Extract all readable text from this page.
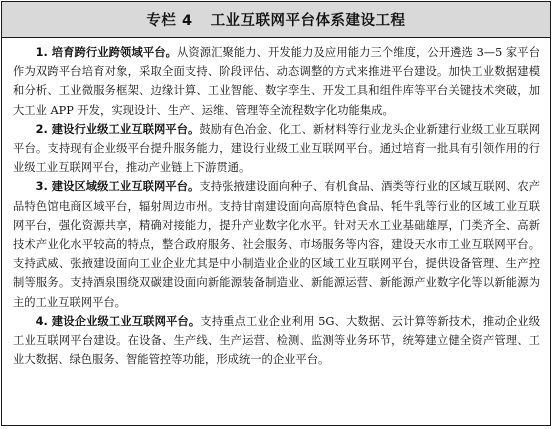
专栏 4 工业互联网平台体系建设工程

1. 培育跨行业跨领域平台。从资源汇聚能力、开发能力及应用能力三个维度，公开遴选 3—5 家平台作为双跨平台培育对象，采取全面支持、阶段评估、动态调整的方式来推进平台建设。加快工业数据建模和分析、工业微服务框架、边缘计算、工业智能、数字孪生、开发工具和组件库等平台关键技术突破，加大工业 APP 开发，实现设计、生产、运维、管理等全流程数字化功能集成。

2. 建设行业级工业互联网平台。鼓励有色冶金、化工、新材料等行业龙头企业新建行业级工业互联网平台。支持现有企业级平台提升服务能力，建设行业级工业互联网平台。通过培育一批具有引领作用的行业级工业互联网平台，推动产业链上下游贯通。

3. 建设区域级工业互联网平台。支持张掖建设面向种子、有机食品、酒类等行业的区域互联网、农产品特色馆电商区域平台，辐射周边市州。支持甘南建设面向高原特色食品、牦牛乳等行业的区域工业互联网平台，强化资源共享，精确对接能力，提升产业数字化水平。针对天水工业基础雄厚，门类齐全、高新技术产业化水平较高的特点，整合政府服务、社会服务、市场服务等内容，建设天水市工业互联网平台。支持武威、张掖建设面向工业企业尤其是中小制造业企业的区域工业互联网平台，提供设备管理、生产控制等服务。支持酒泉围绕双碳建设面向新能源装备制造业、新能源运营、新能源产业数字化等以新能源为主的工业互联网平台。

4. 建设企业级工业互联网平台。支持重点工业企业利用 5G、大数据、云计算等新技术，推动企业级工业互联网平台建设。在设备、生产线、生产运营、检测、监测等业务环节，统筹建立健全资产管理、工业大数据、绿色服务、智能管控等功能，形成统一的企业平台。
